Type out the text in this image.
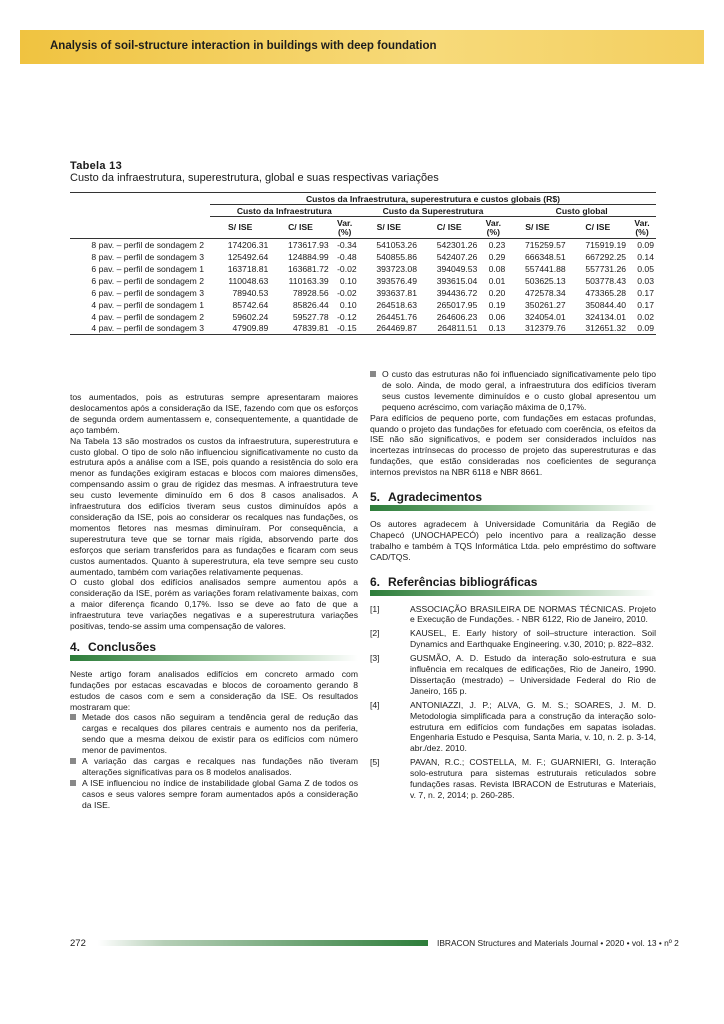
Analysis of soil-structure interaction in buildings with deep foundation
Tabela 13
Custo da infraestrutura, superestrutura, global e suas respectivas variações
	Custos da Infraestrutura, superestrutura e custos globais (R$)								
	Custo da Infraestrutura			Custo da Superestrutura			Custo global		
	S/ ISE	C/ ISE	Var. (%)	S/ ISE	C/ ISE	Var. (%)	S/ ISE	C/ ISE	Var. (%)
8 pav. – perfil de sondagem 2	174206.31	173617.93	-0.34	541053.26	542301.26	0.23	715259.57	715919.19	0.09
8 pav. – perfil de sondagem 3	125492.64	124884.99	-0.48	540855.86	542407.26	0.29	666348.51	667292.25	0.14
6 pav. – perfil de sondagem 1	163718.81	163681.72	-0.02	393723.08	394049.53	0.08	557441.88	557731.26	0.05
6 pav. – perfil de sondagem 2	110048.63	110163.39	0.10	393576.49	393615.04	0.01	503625.13	503778.43	0.03
6 pav. – perfil de sondagem 3	78940.53	78928.56	-0.02	393637.81	394436.72	0.20	472578.34	473365.28	0.17
4 pav. – perfil de sondagem 1	85742.64	85826.44	0.10	264518.63	265017.95	0.19	350261.27	350844.40	0.17
4 pav. – perfil de sondagem 2	59602.24	59527.78	-0.12	264451.76	264606.23	0.06	324054.01	324134.01	0.02
4 pav. – perfil de sondagem 3	47909.89	47839.81	-0.15	264469.87	264811.51	0.13	312379.76	312651.32	0.09

tos aumentados, pois as estruturas sempre apresentaram maiores deslocamentos após a consideração da ISE, fazendo com que os esforços de segunda ordem aumentassem e, consequentemente, a quantidade de aço também.

Na Tabela 13 são mostrados os custos da infraestrutura, superestrutura e custo global. O tipo de solo não influenciou significativamente no custo da estrutura após a análise com a ISE, pois quando a resistência do solo era menor as fundações exigiram estacas e blocos com maiores dimensões, compensando assim o grau de rigidez das mesmas. A infraestrutura teve seu custo levemente diminuído em 6 dos 8 casos analisados. A infraestrutura dos edifícios tiveram seus custos diminuídos após a consideração da ISE, pois ao considerar os recalques nas fundações, os momentos fletores nas mesmas diminuíram. Por consequência, a superestrutura teve que se tornar mais rígida, absorvendo parte dos esforços que seriam transferidos para as fundações e ficaram com seus custos aumentados. Quanto à superestrutura, ela teve sempre seu custo aumentado, também com variações relativamente pequenas.

O custo global dos edifícios analisados sempre aumentou após a consideração da ISE, porém as variações foram relativamente baixas, com a maior diferença ficando 0,17%. Isso se deve ao fato de que a infraestrutura teve variações negativas e a superestrutura variações positivas, tendo-se assim uma compensação de valores.

4. Conclusões

Neste artigo foram analisados edifícios em concreto armado com fundações por estacas escavadas e blocos de coroamento gerando 8 estudos de casos com e sem a consideração da ISE. Os resultados mostraram que:

Metade dos casos não seguiram a tendência geral de redução das cargas e recalques dos pilares centrais e aumento nos da periferia, sendo que a mesma deixou de existir para os edifícios com número menor de pavimentos.
A variação das cargas e recalques nas fundações não tiveram alterações significativas para os 8 modelos analisados.
A ISE influenciou no índice de instabilidade global Gama Z de todos os casos e seus valores sempre foram aumentados após a consideração da ISE.
O custo das estruturas não foi influenciado significativamente pelo tipo de solo. Ainda, de modo geral, a infraestrutura dos edifícios tiveram seus custos levemente diminuídos e o custo global apresentou um pequeno acréscimo, com variação máxima de 0,17%.

Para edifícios de pequeno porte, com fundações em estacas profundas, quando o projeto das fundações for efetuado com coerência, os efeitos da ISE não são significativos, e podem ser considerados incluídos nas incertezas intrínsecas do processo de projeto das superestruturas e das fundações, que estão consideradas nos coeficientes de segurança internos previstos na NBR 6118 e NBR 8661.

5. Agradecimentos

Os autores agradecem à Universidade Comunitária da Região de Chapecó (UNOCHAPECÓ) pelo incentivo para a realização desse trabalho e também à TQS Informática Ltda. pelo empréstimo do software CAD/TQS.

6. Referências bibliográficas
[1]	ASSOCIAÇÃO BRASILEIRA DE NORMAS TÉCNICAS. Projeto e Execução de Fundações. - NBR 6122, Rio de Janeiro, 2010.
[2]	KAUSEL, E. Early history of soil–structure interaction. Soil Dynamics and Earthquake Engineering. v.30, 2010; p. 822–832.
[3]	GUSMÃO, A. D. Estudo da interação solo-estrutura e sua influência em recalques de edificações, Rio de Janeiro, 1990. Dissertação (mestrado) – Universidade Federal do Rio de Janeiro, 165 p.
[4]	ANTONIAZZI, J. P.; ALVA, G. M. S.; SOARES, J. M. D. Metodologia simplificada para a construção da interação solo-estrutura em edifícios com fundações em sapatas isoladas. Engenharia Estudo e Pesquisa, Santa Maria, v. 10, n. 2. p. 3-14, abr./dez. 2010.
[5]	PAVAN, R.C.; COSTELLA, M. F.; GUARNIERI, G. Interação solo-estrutura para sistemas estruturais reticulados sobre fundações rasas. Revista IBRACON de Estruturas e Materiais, v. 7, n. 2, 2014; p. 260-285.
272	IBRACON Structures and Materials Journal • 2020 • vol. 13 • nº 2
